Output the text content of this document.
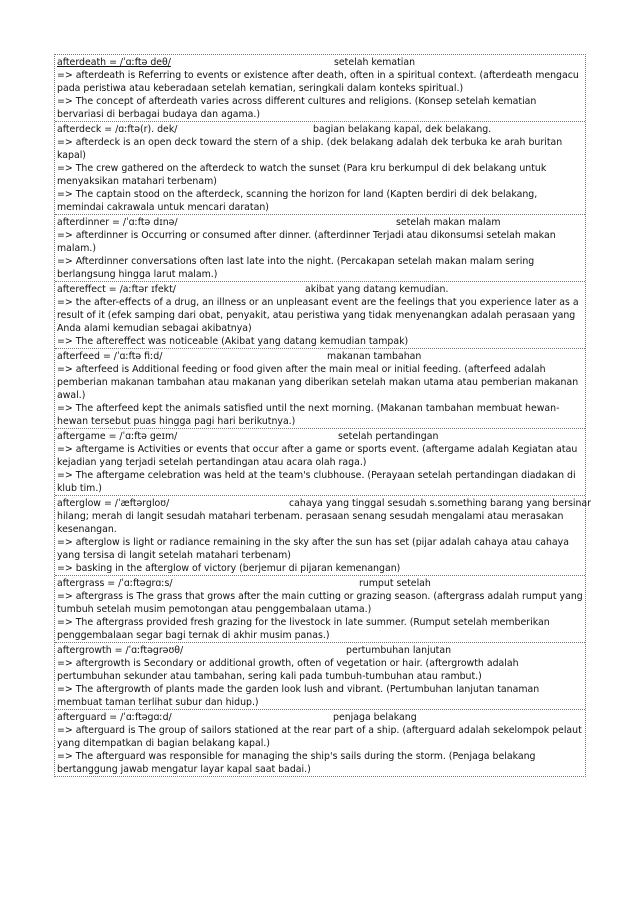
afterdeath = /ˈɑːftə deθ/	setelah kematian
=> afterdeath is Referring to events or existence after death, often in a spiritual context. (afterdeath mengacu pada peristiwa atau keberadaan setelah kematian, seringkali dalam konteks spiritual.)
=> The concept of afterdeath varies across different cultures and religions. (Konsep setelah kematian bervariasi di berbagai budaya dan agama.)
afterdeck = /ɑːftə(r). dek/	bagian belakang kapal, dek belakang.
=> afterdeck is an open deck toward the stern of a ship. (dek belakang adalah dek terbuka ke arah buritan kapal)
=> The crew gathered on the afterdeck to watch the sunset (Para kru berkumpul di dek belakang untuk menyaksikan matahari terbenam)
=> The captain stood on the afterdeck, scanning the horizon for land (Kapten berdiri di dek belakang, memindai cakrawala untuk mencari daratan)
afterdinner = /ˈɑːftə dɪnə/	setelah makan malam
=> afterdinner is Occurring or consumed after dinner. (afterdinner Terjadi atau dikonsumsi setelah makan malam.)
=> Afterdinner conversations often last late into the night. (Percakapan setelah makan malam sering berlangsung hingga larut malam.)
aftereffect = /aːftər ɪfekt/	akibat yang datang kemudian.
=> the after-effects of a drug, an illness or an unpleasant event are the feelings that you experience later as a result of it (efek samping dari obat, penyakit, atau peristiwa yang tidak menyenangkan adalah perasaan yang Anda alami kemudian sebagai akibatnya)
=> The aftereffect was noticeable (Akibat yang datang kemudian tampak)
afterfeed = /ˈɑːftə fiːd/	makanan tambahan
=> afterfeed is Additional feeding or food given after the main meal or initial feeding. (afterfeed adalah pemberian makanan tambahan atau makanan yang diberikan setelah makan utama atau pemberian makanan awal.)
=> The afterfeed kept the animals satisfied until the next morning. (Makanan tambahan membuat hewan-hewan tersebut puas hingga pagi hari berikutnya.)
aftergame = /ˈɑːftə geɪm/	setelah pertandingan
=> aftergame is Activities or events that occur after a game or sports event. (aftergame adalah Kegiatan atau kejadian yang terjadi setelah pertandingan atau acara olah raga.)
=> The aftergame celebration was held at the team's clubhouse. (Perayaan setelah pertandingan diadakan di klub tim.)
afterglow = /ˈæftərgloʊ/	cahaya yang tinggal sesudah s.something barang yang bersinar
hilang; merah di langit sesudah matahari terbenam. perasaan senang sesudah mengalami atau merasakan kesenangan.
=> afterglow is light or radiance remaining in the sky after the sun has set (pijar adalah cahaya atau cahaya yang tersisa di langit setelah matahari terbenam)
=> basking in the afterglow of victory (berjemur di pijaran kemenangan)
aftergrass = /ˈɑːftəgrɑːs/	rumput setelah
=> aftergrass is The grass that grows after the main cutting or grazing season. (aftergrass adalah rumput yang tumbuh setelah musim pemotongan atau penggembalaan utama.)
=> The aftergrass provided fresh grazing for the livestock in late summer. (Rumput setelah memberikan penggembalaan segar bagi ternak di akhir musim panas.)
aftergrowth = /ˈɑːftəgrəʊθ/	pertumbuhan lanjutan
=> aftergrowth is Secondary or additional growth, often of vegetation or hair. (aftergrowth adalah pertumbuhan sekunder atau tambahan, sering kali pada tumbuh-tumbuhan atau rambut.)
=> The aftergrowth of plants made the garden look lush and vibrant. (Pertumbuhan lanjutan tanaman membuat taman terlihat subur dan hidup.)
afterguard = /ˈɑːftəgɑːd/	penjaga belakang
=> afterguard is The group of sailors stationed at the rear part of a ship. (afterguard adalah sekelompok pelaut yang ditempatkan di bagian belakang kapal.)
=> The afterguard was responsible for managing the ship's sails during the storm. (Penjaga belakang bertanggung jawab mengatur layar kapal saat badai.)
